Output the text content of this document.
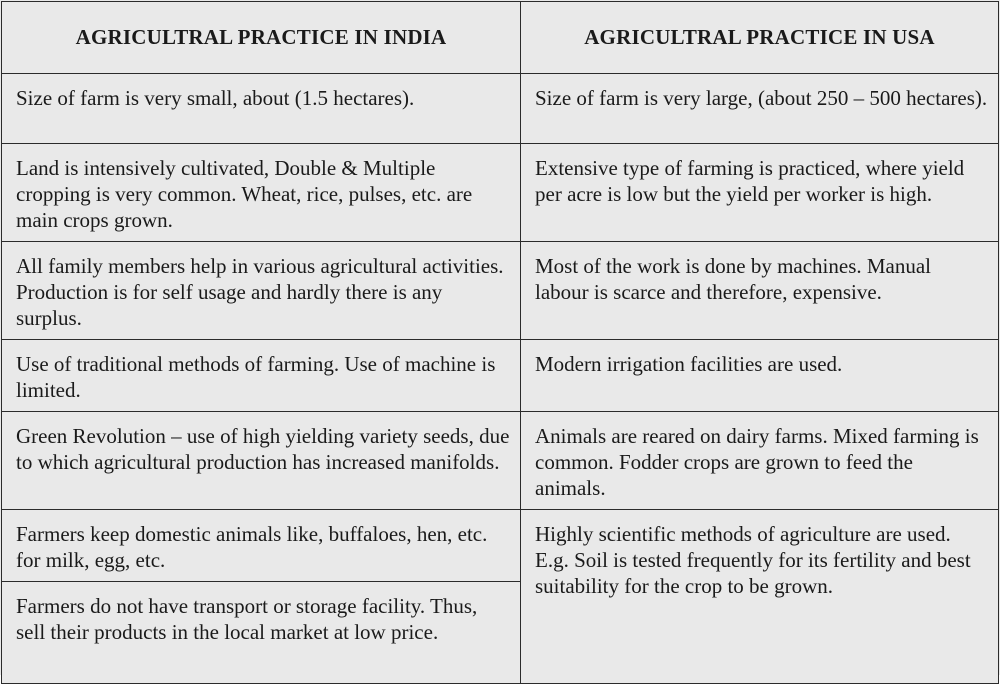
AGRICULTRAL PRACTICE IN INDIA	AGRICULTRAL PRACTICE IN USA
Size of farm is very small, about (1.5 hectares).	Size of farm is very large, (about 250 – 500 hectares).
Land is intensively cultivated, Double & Multiple cropping is very common. Wheat, rice, pulses, etc. are main crops grown.	Extensive type of farming is practiced, where yield per acre is low but the yield per worker is high.
All family members help in various agricultural activities. Production is for self usage and hardly there is any surplus.	Most of the work is done by machines. Manual labour is scarce and therefore, expensive.
Use of traditional methods of farming. Use of machine is limited.	Modern irrigation facilities are used.
Green Revolution – use of high yielding variety seeds, due to which agricultural production has increased manifolds.	Animals are reared on dairy farms. Mixed farming is common. Fodder crops are grown to feed the animals.
Farmers keep domestic animals like, buffaloes, hen, etc. for milk, egg, etc.	Highly scientific methods of agriculture are used. E.g. Soil is tested frequently for its fertility and best suitability for the crop to be grown.
Farmers do not have transport or storage facility. Thus, sell their products in the local market at low price.	
